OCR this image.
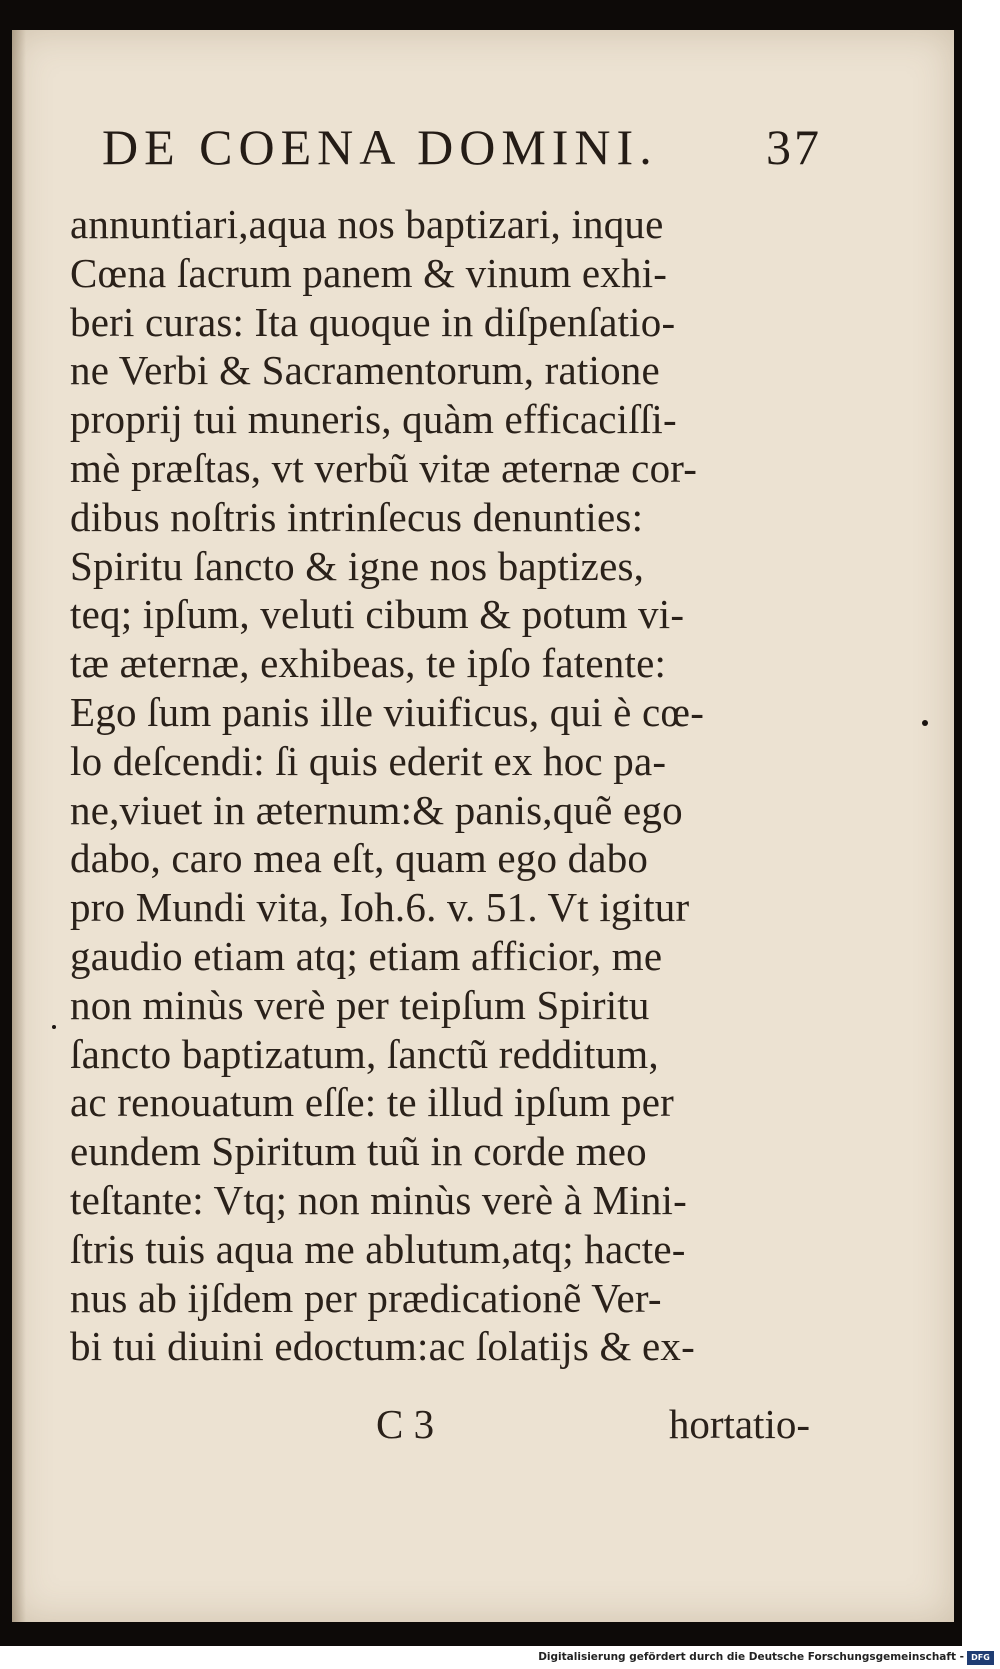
DE COENA DOMINI. 37
annuntiari,aqua nos baptizari, inque
Cœna ſacrum panem & vinum exhi-
beri curas: Ita quoque in diſpenſatio-
ne Verbi & Sacramentorum, ratione
proprij tui muneris, quàm efficaciſſi-
mè præſtas, vt verbũ vitæ æternæ cor-
dibus noſtris intrinſecus denunties:
Spiritu ſancto & igne nos baptizes,
teq; ipſum, veluti cibum & potum vi-
tæ æternæ, exhibeas, te ipſo fatente:
Ego ſum panis ille viuificus, qui è cœ-
lo deſcendi: ſi quis ederit ex hoc pa-
ne,viuet in æternum:& panis,quẽ ego
dabo, caro mea eſt, quam ego dabo
pro Mundi vita, Ioh.6. v. 51. Vt igitur
gaudio etiam atq; etiam afficior, me
non minùs verè per teipſum Spiritu
ſancto baptizatum, ſanctũ redditum,
ac renouatum eſſe: te illud ipſum per
eundem Spiritum tuũ in corde meo
teſtante: Vtq; non minùs verè à Mini-
ſtris tuis aqua me ablutum,atq; hacte-
nus ab ijſdem per prædicationẽ Ver-
bi tui diuini edoctum:ac ſolatijs & ex-
C 3	hortatio-
Digitalisierung gefördert durch die Deutsche Forschungsgemeinschaft - DFG
